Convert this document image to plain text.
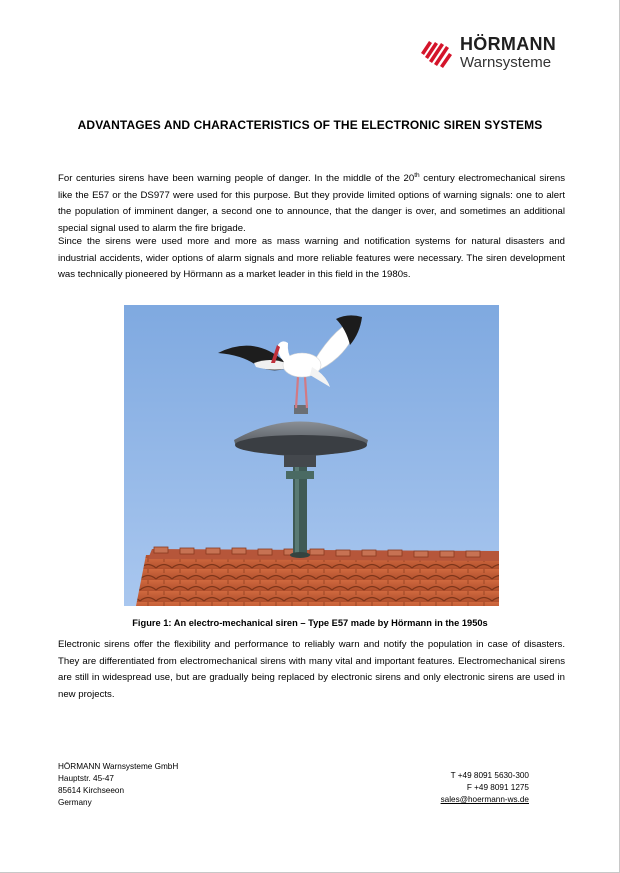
HÖRMANN
Warnsysteme
ADVANTAGES AND CHARACTERISTICS OF THE ELECTRONIC SIREN SYSTEMS

For centuries sirens have been warning people of danger. In the middle of the 20th century electromechanical sirens like the E57 or the DS977 were used for this purpose. But they provide limited options of warning signals: one to alert the population of imminent danger, a second one to announce, that the danger is over, and sometimes an additional special signal used to alarm the fire brigade.

Since the sirens were used more and more as mass warning and notification systems for natural disasters and industrial accidents, wider options of alarm signals and more reliable features were necessary. The siren development was technically pioneered by Hörmann as a market leader in this field in the 1980s.

Figure 1: An electro-mechanical siren – Type E57 made by Hörmann in the 1950s

Electronic sirens offer the flexibility and performance to reliably warn and notify the population in case of disasters. They are differentiated from electromechanical sirens with many vital and important features. Electromechanical sirens are still in widespread use, but are gradually being replaced by electronic sirens and only electronic sirens are used in new projects.

HÖRMANN Warnsysteme GmbH
Hauptstr. 45-47
85614 Kirchseeon
Germany
T +49 8091 5630-300
F +49 8091 1275
sales@hoermann-ws.de
